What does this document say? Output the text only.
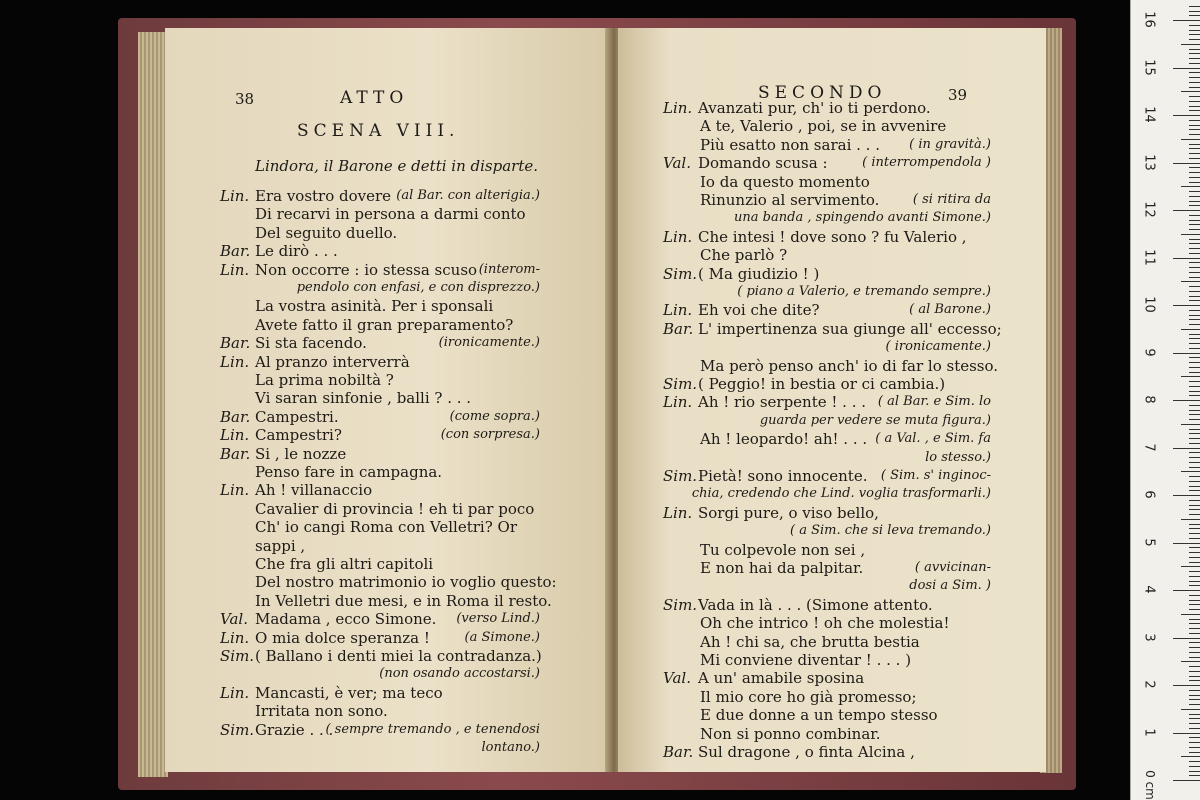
38	ATTO
SCENA VIII.
Lindora, il Barone e detti in disparte.
Lin. Era vostro dovere (al Bar. con alterigia.)
Di recarvi in persona a darmi conto
Del seguito duello.
Bar. Le dirò . . .
Lin. Non occorre : io stessa scuso (interom-
pendolo con enfasi, e con disprezzo.)
La vostra asinità. Per i sponsali
Avete fatto il gran preparamento?
Bar. Si sta facendo.	(ironicamente.)
Lin. Al pranzo interverrà
La prima nobiltà ?
Vi saran sinfonie , balli ? . . .
Bar. Campestri.	(come sopra.)
Lin. Campestri?	(con sorpresa.)
Bar. Si , le nozze
Penso fare in campagna.
Lin. Ah ! villanaccio
Cavalier di provincia ! eh ti par poco
Ch' io cangi Roma con Velletri? Or
sappi ,
Che fra gli altri capitoli
Del nostro matrimonio io voglio questo:
In Velletri due mesi, e in Roma il resto.
Val. Madama , ecco Simone. (verso Lind.)
Lin. O mia dolce speranza !	(a Simone.)
Sim. ( Ballano i denti miei la contradanza.)
(non osando accostarsi.)
Lin. Mancasti, è ver; ma teco
Irritata non sono.
Sim. Grazie . . .
( sempre tremando , e tenendosi
lontano.)
SECONDO	39
Lin. Avanzati pur, ch' io ti perdono.
A te, Valerio , poi, se in avvenire
Più esatto non sarai . . . ( in gravità.)
Val. Domando scusa :	( interrompendola )
Io da questo momento
Rinunzio al servimento.	( si ritira da
una banda , spingendo avanti Simone.)
Lin. Che intesi ! dove sono ? fu Valerio ,
Che parlò ?
Sim. ( Ma giudizio ! )
( piano a Valerio, e tremando sempre.)
Lin. Eh voi che dite?	( al Barone.)
Bar. L' impertinenza sua giunge all' eccesso;
( ironicamente.)
Ma però penso anch' io di far lo stesso.
Sim. ( Peggio! in bestia or ci cambia.)
Lin. Ah ! rio serpente ! . . . ( al Bar. e Sim. lo
guarda per vedere se muta figura.)
Ah ! leopardo! ah! . . . ( a Val. , e Sim. fa
lo stesso.)
Sim. Pietà! sono innocente. ( Sim. s' inginoc-
chia, credendo che Lind. voglia trasformarli.)
Lin. Sorgi pure, o viso bello,
( a Sim. che si leva tremando.)
Tu colpevole non sei ,
E non hai da palpitar.	( avvicinan-
dosi a Sim. )
Sim. Vada in là . . . (Simone attento.
Oh che intrico ! oh che molestia!
Ah ! chi sa, che brutta bestia
Mi conviene diventar ! . . . )
Val. A un' amabile sposina
Il mio core ho già promesso;
E due donne a un tempo stesso
Non si ponno combinar.
Bar. Sul dragone , o finta Alcina ,
0 cm
1
2
3
4
5
6
7
8
9
10
11
12
13
14
15
16
